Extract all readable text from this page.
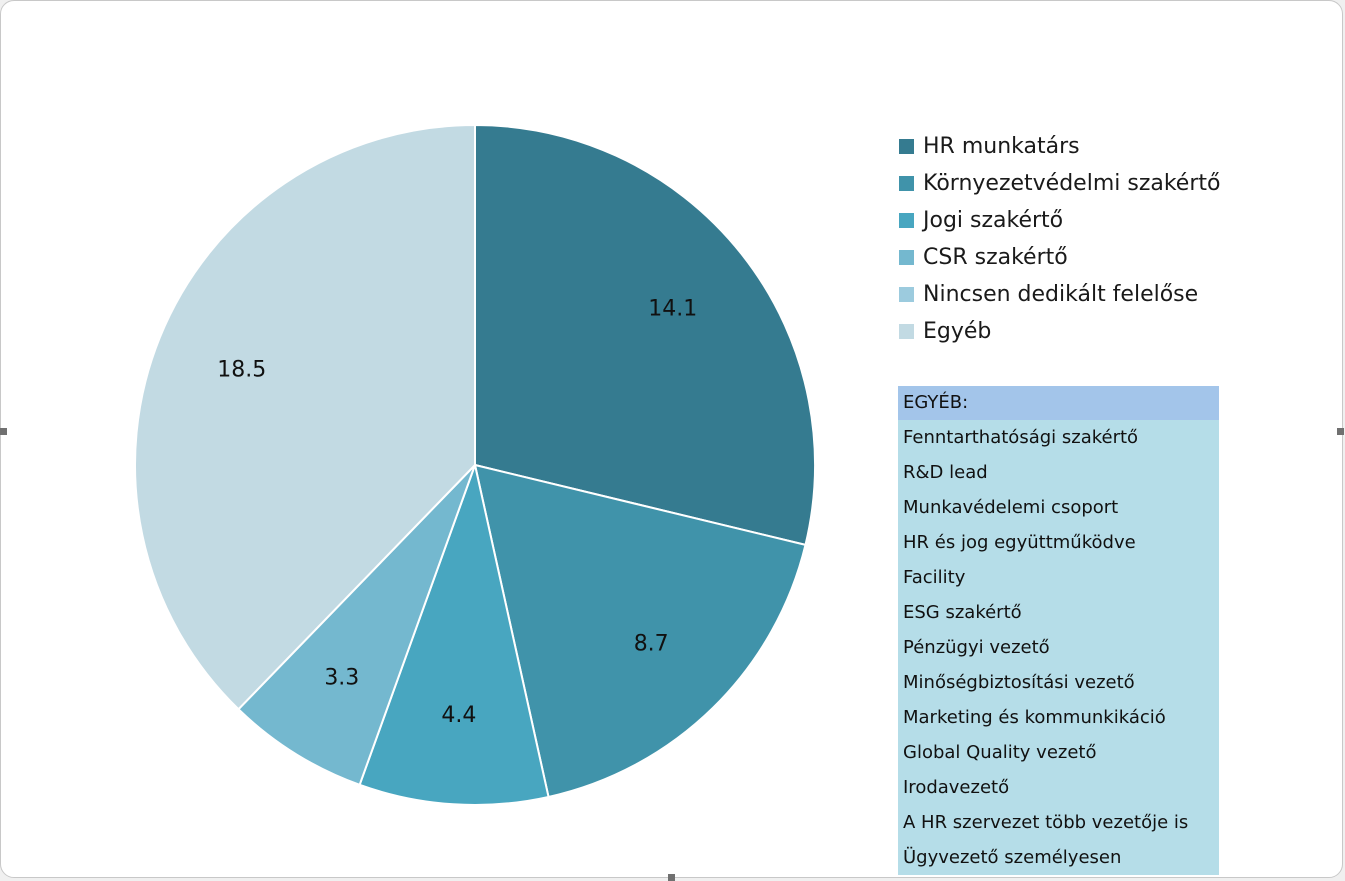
14.1
8.7
4.4
3.3
18.5
HR munkatárs
Környezetvédelmi szakértő
Jogi szakértő
CSR szakértő
Nincsen dedikált felelőse
Egyéb
EGYÉB:
Fenntarthatósági szakértő
R&D lead
Munkavédelemi csoport
HR és jog együttműködve
Facility
ESG szakértő
Pénzügyi vezető
Minőségbiztosítási vezető
Marketing és kommunkikáció
Global Quality vezető
Irodavezető
A HR szervezet több vezetője is
Ügyvezető személyesen
